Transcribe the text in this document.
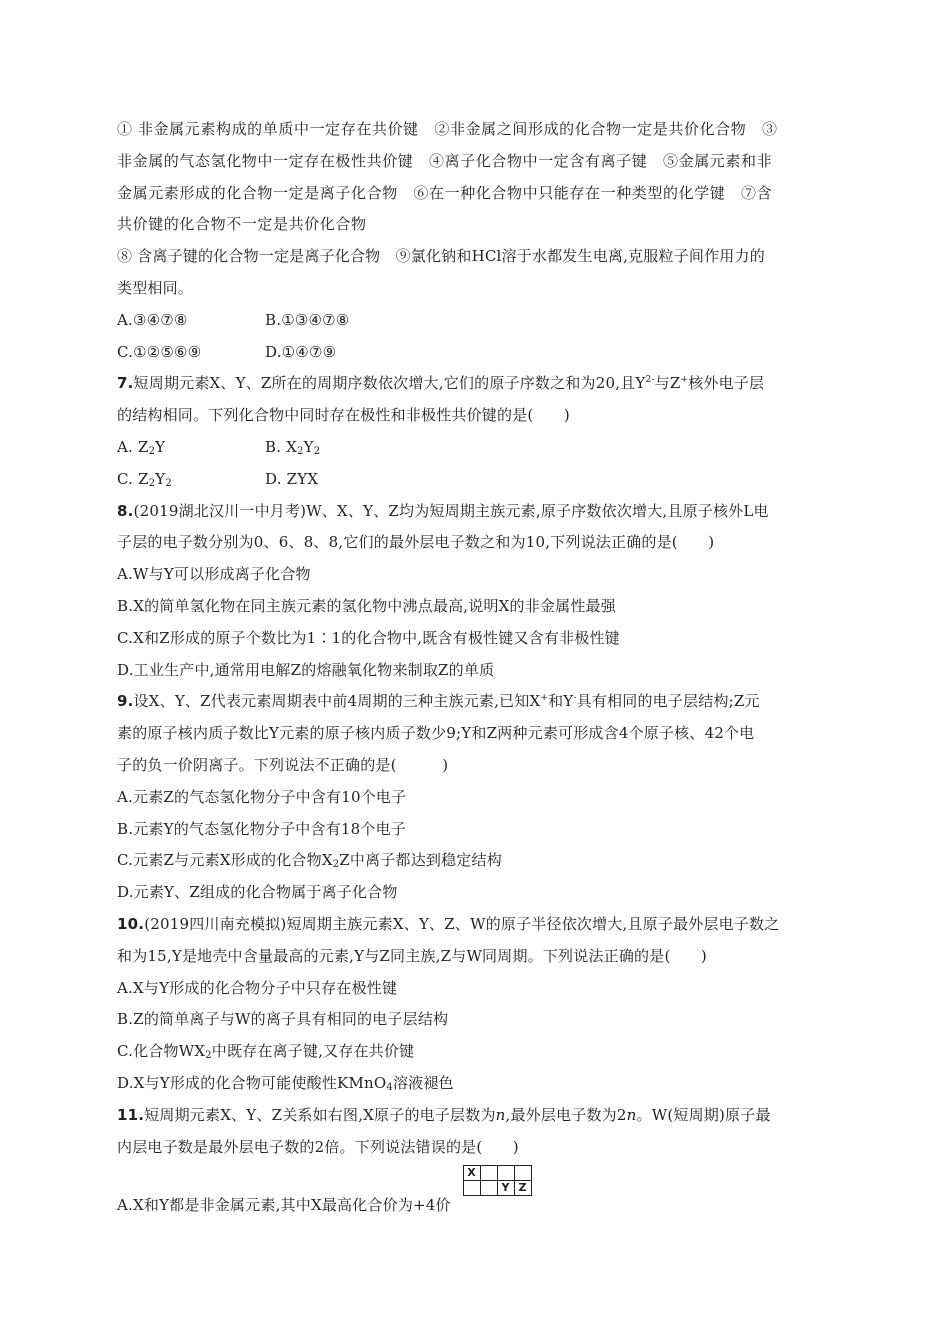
① 非金属元素构成的单质中一定存在共价键　②非金属之间形成的化合物一定是共价化合物　③
非金属的气态氢化物中一定存在极性共价键　④离子化合物中一定含有离子键　⑤金属元素和非
金属元素形成的化合物一定是离子化合物　⑥在一种化合物中只能存在一种类型的化学键　⑦含
共价键的化合物不一定是共价化合物
⑧ 含离子键的化合物一定是离子化合物　⑨氯化钠和HCl溶于水都发生电离,克服粒子间作用力的
类型相同。
A.③④⑦⑧	B.①③④⑦⑧
C.①②⑤⑥⑨	D.①④⑦⑨
7.短周期元素X、Y、Z所在的周期序数依次增大,它们的原子序数之和为20,且$Y^{2-}$与Z+核外电子层
的结构相同。下列化合物中同时存在极性和非极性共价键的是(　　)
A. $Z_2Y$	B. $X_2Y_2$
C. $Z_2Y_2$	D. ZYX
8.(2019湖北汉川一中月考)W、X、Y、Z均为短周期主族元素,原子序数依次增大,且原子核外L电
子层的电子数分别为0、6、8、8,它们的最外层电子数之和为10,下列说法正确的是(　　)
A.W与Y可以形成离子化合物
B.X的简单氢化物在同主族元素的氢化物中沸点最高,说明X的非金属性最强
C.X和Z形成的原子个数比为1∶1的化合物中,既含有极性键又含有非极性键
D.工业生产中,通常用电解Z的熔融氧化物来制取Z的单质
9.设X、Y、Z代表元素周期表中前4周期的三种主族元素,已知X+和Y-具有相同的电子层结构;Z元
素的原子核内质子数比Y元素的原子核内质子数少9;Y和Z两种元素可形成含4个原子核、42个电
子的负一价阴离子。下列说法不正确的是(　　　)
A.元素Z的气态氢化物分子中含有10个电子
B.元素Y的气态氢化物分子中含有18个电子
C.元素Z与元素X形成的化合物$X_2Z$中离子都达到稳定结构
D.元素Y、Z组成的化合物属于离子化合物
10.(2019四川南充模拟)短周期主族元素X、Y、Z、W的原子半径依次增大,且原子最外层电子数之
和为15,Y是地壳中含量最高的元素,Y与Z同主族,Z与W同周期。下列说法正确的是(　　)
A.X与Y形成的化合物分子中只存在极性键
B.Z的简单离子与W的离子具有相同的电子层结构
C.化合物$WX_2$中既存在离子键,又存在共价键
D.X与Y形成的化合物可能使酸性KMnO$_4$溶液褪色
11.短周期元素X、Y、Z关系如右图,X原子的电子层数为n,最外层电子数为2n。W(短周期)原子最
内层电子数是最外层电子数的2倍。下列说法错误的是(　　)
X			
		Y	Z
A.X和Y都是非金属元素,其中X最高化合价为+4价
